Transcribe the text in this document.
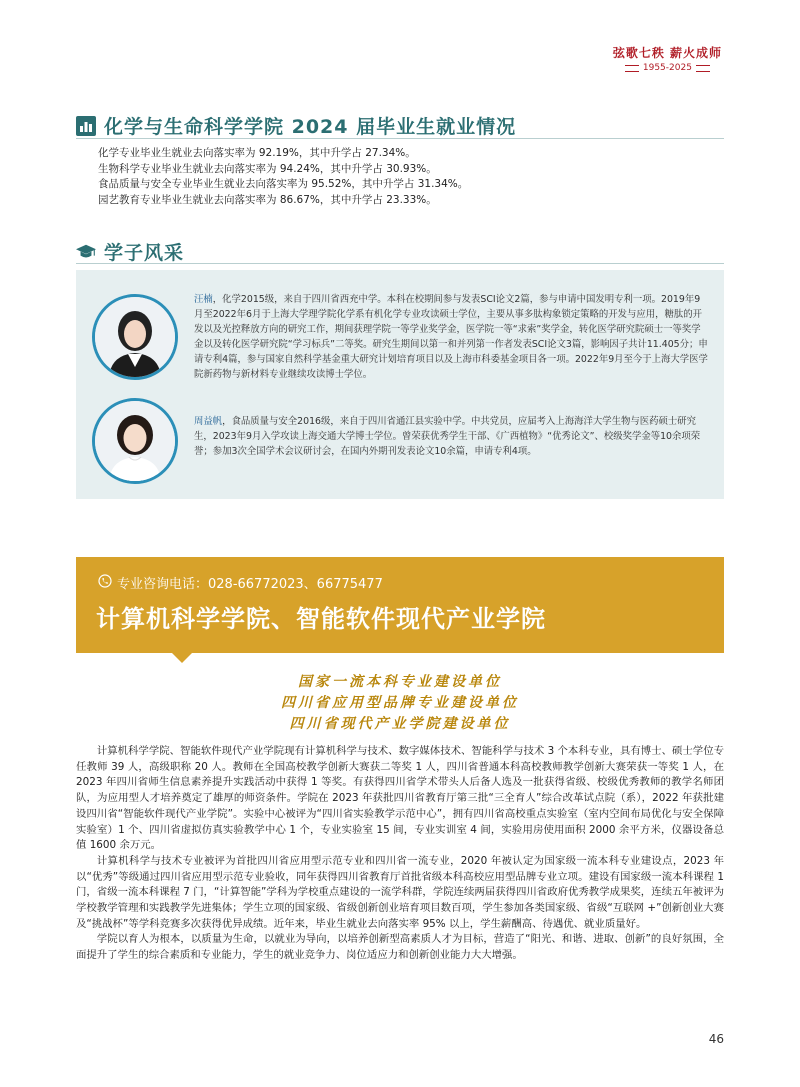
弦歌七秩 薪火成师
1955-2025
化学与生命科学学院 2024 届毕业生就业情况
化学专业毕业生就业去向落实率为 92.19%，其中升学占 27.34%。
生物科学专业毕业生就业去向落实率为 94.24%，其中升学占 30.93%。
食品质量与安全专业毕业生就业去向落实率为 95.52%，其中升学占 31.34%。
园艺教育专业毕业生就业去向落实率为 86.67%，其中升学占 23.33%。
学子风采
汪楠，化学2015级，来自于四川省西充中学。本科在校期间参与发表SCI论文2篇，参与申请中国发明专利一项。2019年9月至2022年6月于上海大学理学院化学系有机化学专业攻读硕士学位，主要从事多肽构象锁定策略的开发与应用，糖肽的开发以及光控释放方向的研究工作，期间获理学院一等学业奖学金，医学院一等“求索”奖学金，转化医学研究院硕士一等奖学金以及转化医学研究院“学习标兵”二等奖。研究生期间以第一和并列第一作者发表SCI论文3篇，影响因子共计11.405分；申请专利4篇，参与国家自然科学基金重大研究计划培育项目以及上海市科委基金项目各一项。2022年9月至今于上海大学医学院新药物与新材料专业继续攻读博士学位。
周益帆，食品质量与安全2016级，来自于四川省通江县实验中学。中共党员，应届考入上海海洋大学生物与医药硕士研究生，2023年9月入学攻读上海交通大学博士学位。曾荣获优秀学生干部、《广西植物》“优秀论文”、校级奖学金等10余项荣誉；参加3次全国学术会议研讨会，在国内外期刊发表论文10余篇，申请专利4项。
专业咨询电话：028-66772023、66775477
计算机科学学院、智能软件现代产业学院
国家一流本科专业建设单位
四川省应用型品牌专业建设单位
四川省现代产业学院建设单位

计算机科学学院、智能软件现代产业学院现有计算机科学与技术、数字媒体技术、智能科学与技术 3 个本科专业，具有博士、硕士学位专任教师 39 人，高级职称 20 人。教师在全国高校教学创新大赛获二等奖 1 人，四川省普通本科高校教师教学创新大赛荣获一等奖 1 人，在 2023 年四川省师生信息素养提升实践活动中获得 1 等奖。有获得四川省学术带头人后备人选及一批获得省级、校级优秀教师的教学名师团队，为应用型人才培养奠定了雄厚的师资条件。学院在 2023 年获批四川省教育厅第三批“三全育人”综合改革试点院（系），2022 年获批建设四川省“智能软件现代产业学院”。实验中心被评为“四川省实验教学示范中心”，拥有四川省高校重点实验室（室内空间布局优化与安全保障实验室）1 个、四川省虚拟仿真实验教学中心 1 个，专业实验室 15 间，专业实训室 4 间，实验用房使用面积 2000 余平方米，仪器设备总值 1600 余万元。

计算机科学与技术专业被评为首批四川省应用型示范专业和四川省一流专业，2020 年被认定为国家级一流本科专业建设点，2023 年以“优秀”等级通过四川省应用型示范专业验收，同年获得四川省教育厅首批省级本科高校应用型品牌专业立项。建设有国家级一流本科课程 1 门，省级一流本科课程 7 门，“计算智能”学科为学校重点建设的一流学科群，学院连续两届获得四川省政府优秀教学成果奖，连续五年被评为学校教学管理和实践教学先进集体；学生立项的国家级、省级创新创业培育项目数百项，学生参加各类国家级、省级“互联网 +”创新创业大赛及“挑战杯”等学科竞赛多次获得优异成绩。近年来，毕业生就业去向落实率 95% 以上，学生薪酬高、待遇优、就业质量好。

学院以育人为根本，以质量为生命，以就业为导向，以培养创新型高素质人才为目标，营造了“阳光、和谐、进取、创新”的良好氛围，全面提升了学生的综合素质和专业能力，学生的就业竞争力、岗位适应力和创新创业能力大大增强。

46
